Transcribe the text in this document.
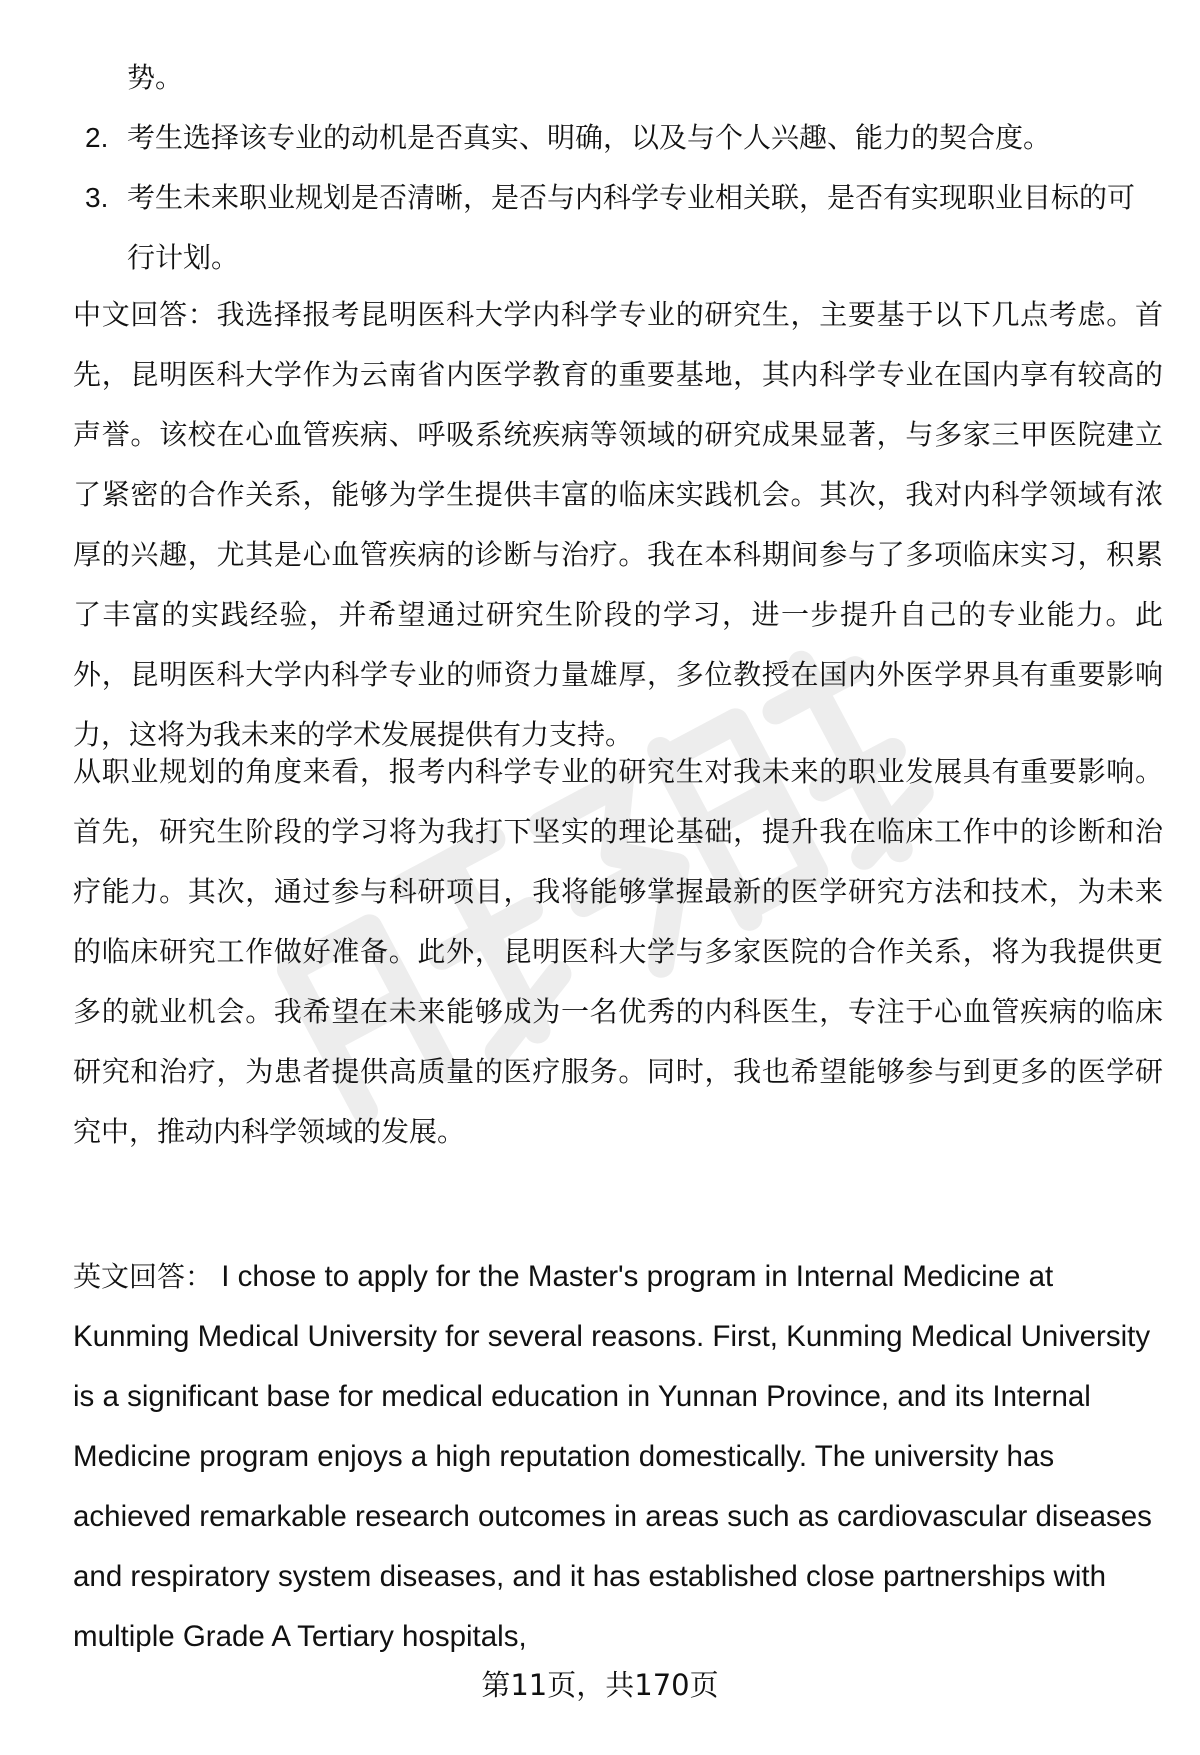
势。

2. 考生选择该专业的动机是否真实、明确，以及与个人兴趣、能力的契合度。
3. 考生未来职业规划是否清晰，是否与内科学专业相关联，是否有实现职业目标的可行计划。

中文回答：我选择报考昆明医科大学内科学专业的研究生，主要基于以下几点考虑。首先，昆明医科大学作为云南省内医学教育的重要基地，其内科学专业在国内享有较高的声誉。该校在心血管疾病、呼吸系统疾病等领域的研究成果显著，与多家三甲医院建立了紧密的合作关系，能够为学生提供丰富的临床实践机会。其次，我对内科学领域有浓厚的兴趣，尤其是心血管疾病的诊断与治疗。我在本科期间参与了多项临床实习，积累了丰富的实践经验，并希望通过研究生阶段的学习，进一步提升自己的专业能力。此外，昆明医科大学内科学专业的师资力量雄厚，多位教授在国内外医学界具有重要影响力，这将为我未来的学术发展提供有力支持。

从职业规划的角度来看，报考内科学专业的研究生对我未来的职业发展具有重要影响。首先，研究生阶段的学习将为我打下坚实的理论基础，提升我在临床工作中的诊断和治疗能力。其次，通过参与科研项目，我将能够掌握最新的医学研究方法和技术，为未来的临床研究工作做好准备。此外，昆明医科大学与多家医院的合作关系，将为我提供更多的就业机会。我希望在未来能够成为一名优秀的内科医生，专注于心血管疾病的临床研究和治疗，为患者提供高质量的医疗服务。同时，我也希望能够参与到更多的医学研究中，推动内科学领域的发展。

英文回答： I chose to apply for the Master's program in Internal Medicine at Kunming Medical University for several reasons. First, Kunming Medical University is a significant base for medical education in Yunnan Province, and its Internal Medicine program enjoys a high reputation domestically. The university has achieved remarkable research outcomes in areas such as cardiovascular diseases and respiratory system diseases, and it has established close partnerships with multiple Grade A Tertiary hospitals,

第11页，共170页
